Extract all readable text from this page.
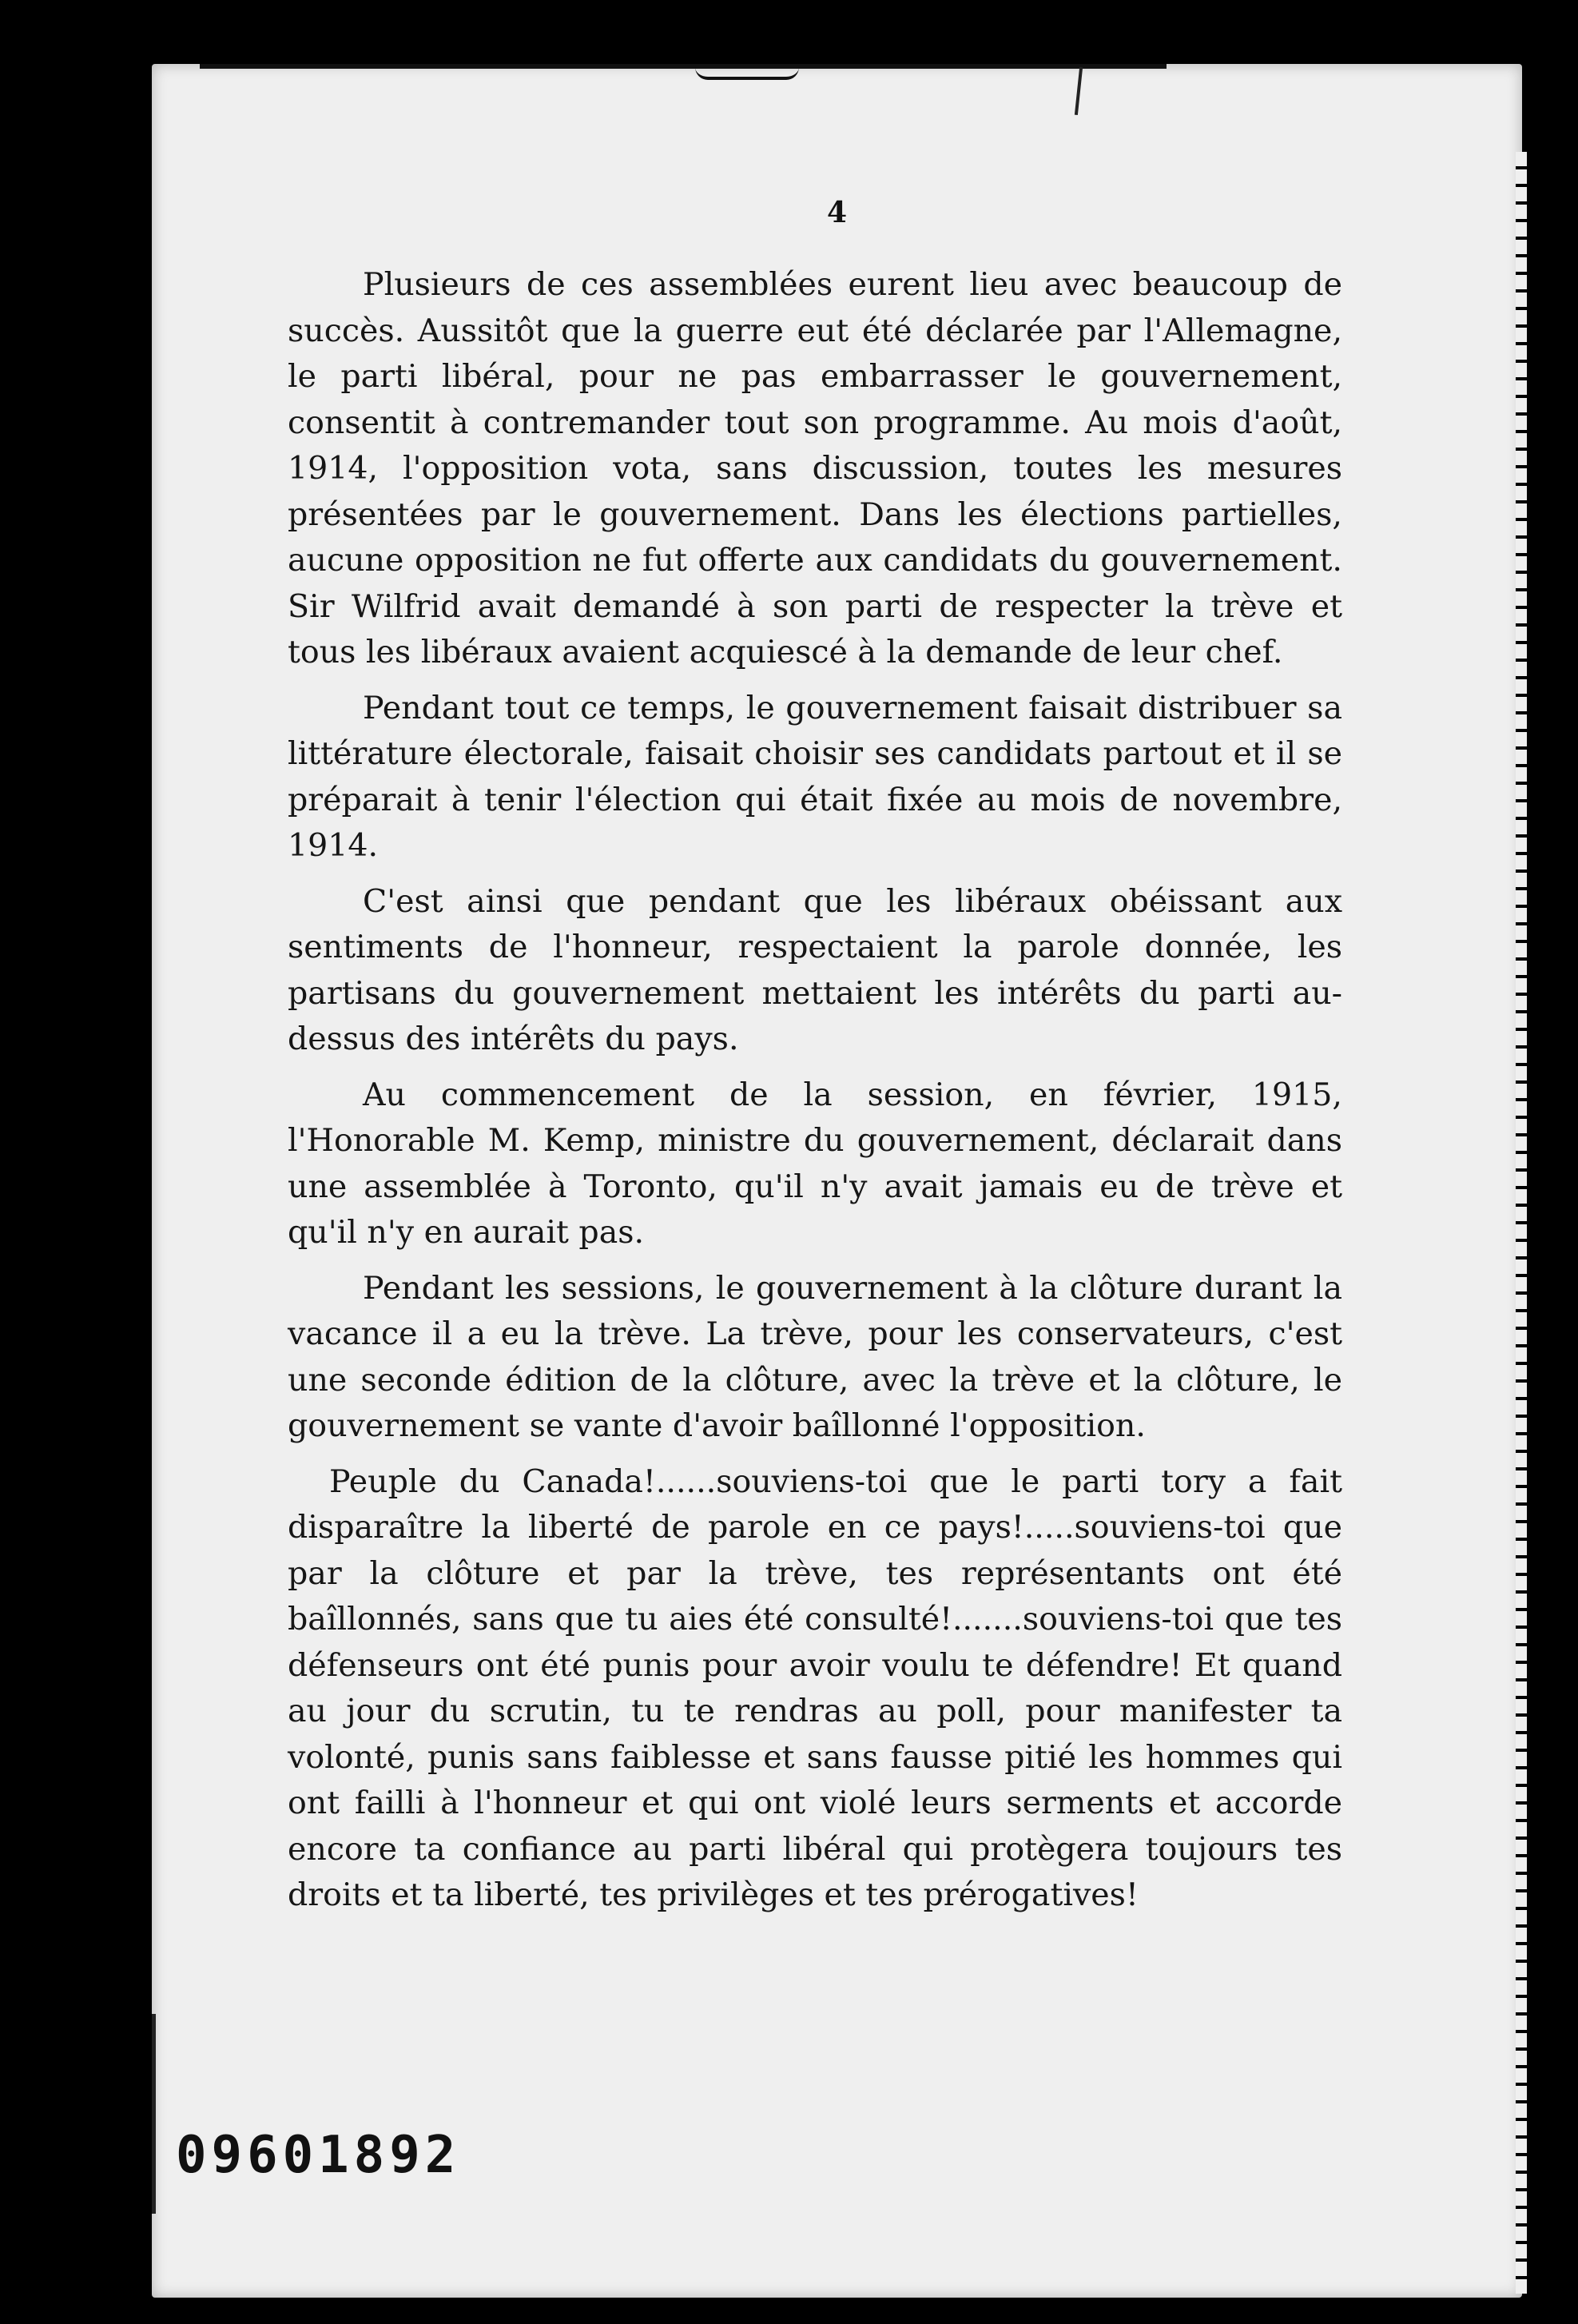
4

Plusieurs de ces assemblées eurent lieu avec beaucoup de succès. Aussitôt que la guerre eut été déclarée par l'Allemagne, le parti libéral, pour ne pas embarrasser le gouvernement, consentit à contremander tout son programme. Au mois d'août, 1914, l'opposition vota, sans discussion, toutes les mesures présentées par le gouvernement. Dans les élections partielles, aucune opposition ne fut offerte aux candidats du gouvernement. Sir Wilfrid avait demandé à son parti de respecter la trève et tous les libéraux avaient acquiescé à la demande de leur chef.

Pendant tout ce temps, le gouvernement faisait distribuer sa littérature électorale, faisait choisir ses candidats partout et il se préparait à tenir l'élection qui était fixée au mois de novembre, 1914.

C'est ainsi que pendant que les libéraux obéissant aux sentiments de l'honneur, respectaient la parole donnée, les partisans du gouvernement mettaient les intérêts du parti au-dessus des intérêts du pays.

Au commencement de la session, en février, 1915, l'Honorable M. Kemp, ministre du gouvernement, déclarait dans une assemblée à Toronto, qu'il n'y avait jamais eu de trève et qu'il n'y en aurait pas.

Pendant les sessions, le gouvernement à la clôture durant la vacance il a eu la trève. La trève, pour les conservateurs, c'est une seconde édition de la clôture, avec la trève et la clôture, le gouvernement se vante d'avoir baîllonné l'opposition.

Peuple du Canada!......souviens-toi que le parti tory a fait disparaître la liberté de parole en ce pays!.....souviens-toi que par la clôture et par la trève, tes représentants ont été baîllonnés, sans que tu aies été consulté!.......souviens-toi que tes défenseurs ont été punis pour avoir voulu te défendre! Et quand au jour du scrutin, tu te rendras au poll, pour manifester ta volonté, punis sans faiblesse et sans fausse pitié les hommes qui ont failli à l'honneur et qui ont violé leurs serments et accorde encore ta confiance au parti libéral qui protègera toujours tes droits et ta liberté, tes privilèges et tes prérogatives!

09601892
